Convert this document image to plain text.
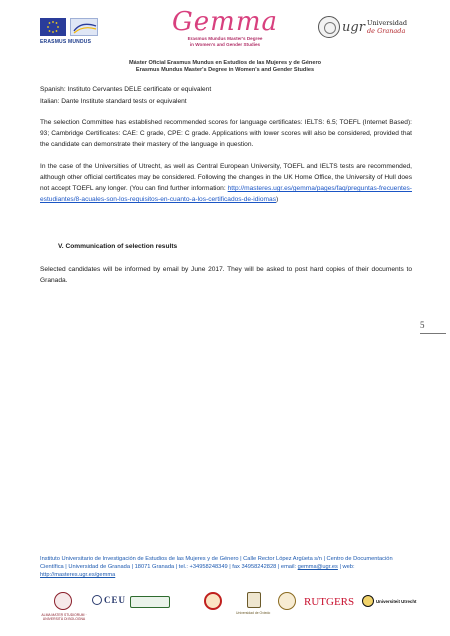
ERASMUS MUNDUS
Gemma
Erasmus Mundus Master's Degree
in Women's and Gender Studies
ugr Universidad
de Granada
Máster Oficial Erasmus Mundus en Estudios de las Mujeres y de Género
Erasmus Mundus Master's Degree in Women's and Gender Studies
Spanish: Instituto Cervantes DELE certificate or equivalent
Italian: Dante Institute standard tests or equivalent
The selection Committee has established recommended scores for language certificates: IELTS: 6.5; TOEFL (Internet Based): 93; Cambridge Certificates: CAE: C grade, CPE: C grade. Applications with lower scores will also be considered, provided that the candidate can demonstrate their mastery of the language in question.
In the case of the Universities of Utrecht, as well as Central European University, TOEFL and IELTS tests are recommended, although other official certificates may be considered. Following the changes in the UK Home Office, the University of Hull does not accept TOEFL any longer. (You can find further information: http://masteres.ugr.es/gemma/pages/faq/preguntas-frecuentes-estudiantes/8-acuales-son-los-requisitos-en-cuanto-a-los-certificados-de-idiomas)
V. Communication of selection results
Selected candidates will be informed by email by June 2017. They will be asked to post hard copies of their documents to Granada.
5
Instituto Universitario de Investigación de Estudios de las Mujeres y de Género | Calle Rector López Argüeta s/n | Centro de Documentación Científica | Universidad de Granada | 18071 Granada | tel.: +34958248349 | fax 34958242828 | email: gemma@ugr.es | web: http://masteres.ugr.es/gemma
ALMA MATER STUDIORUM · UNIVERSITÀ DI BOLOGNA
CEU
Universidad de Oviedo
RUTGERS	Universiteit Utrecht
